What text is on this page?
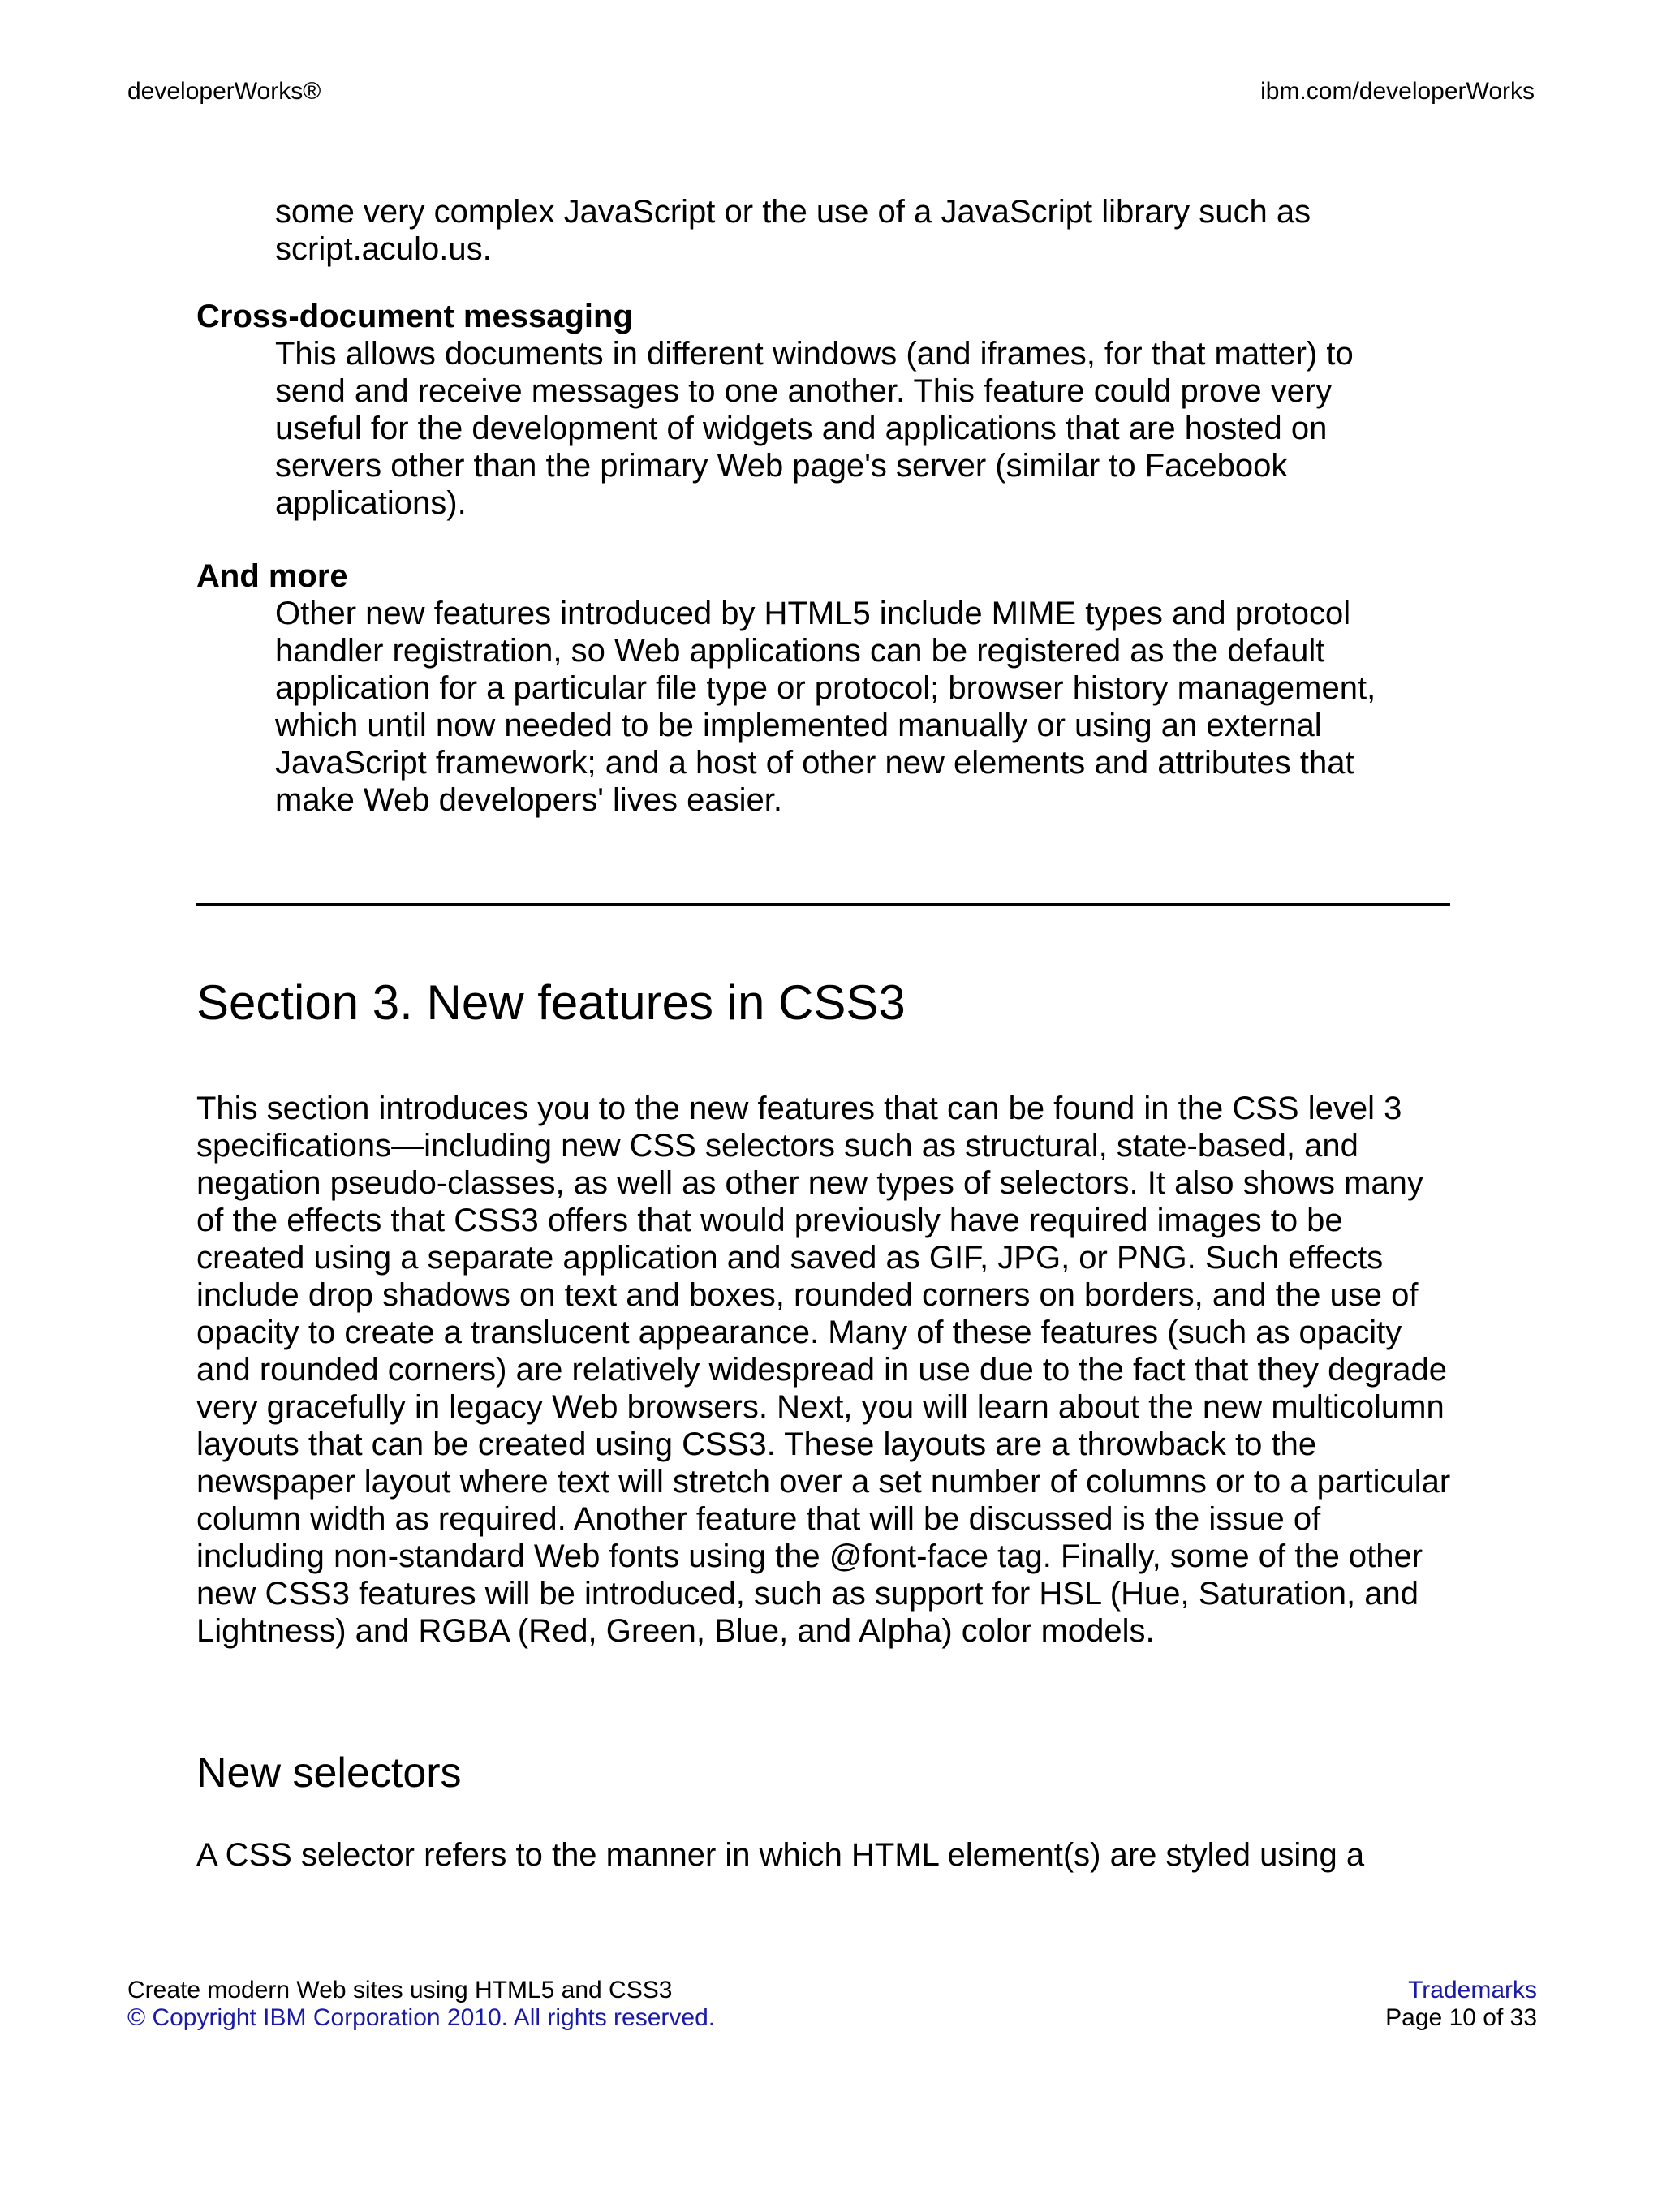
developerWorks®	ibm.com/developerWorks

some very complex JavaScript or the use of a JavaScript library such as script.aculo.us.

Cross-document messaging

This allows documents in different windows (and iframes, for that matter) to send and receive messages to one another. This feature could prove very useful for the development of widgets and applications that are hosted on servers other than the primary Web page's server (similar to Facebook applications).

And more

Other new features introduced by HTML5 include MIME types and protocol handler registration, so Web applications can be registered as the default application for a particular file type or protocol; browser history management, which until now needed to be implemented manually or using an external JavaScript framework; and a host of other new elements and attributes that make Web developers' lives easier.

Section 3. New features in CSS3

This section introduces you to the new features that can be found in the CSS level 3 specifications—including new CSS selectors such as structural, state-based, and negation pseudo-classes, as well as other new types of selectors. It also shows many of the effects that CSS3 offers that would previously have required images to be created using a separate application and saved as GIF, JPG, or PNG. Such effects include drop shadows on text and boxes, rounded corners on borders, and the use of opacity to create a translucent appearance. Many of these features (such as opacity and rounded corners) are relatively widespread in use due to the fact that they degrade very gracefully in legacy Web browsers. Next, you will learn about the new multicolumn layouts that can be created using CSS3. These layouts are a throwback to the newspaper layout where text will stretch over a set number of columns or to a particular column width as required. Another feature that will be discussed is the issue of including non-standard Web fonts using the @font-face tag. Finally, some of the other new CSS3 features will be introduced, such as support for HSL (Hue, Saturation, and Lightness) and RGBA (Red, Green, Blue, and Alpha) color models.

New selectors

A CSS selector refers to the manner in which HTML element(s) are styled using a

Create modern Web sites using HTML5 and CSS3
© Copyright IBM Corporation 2010. All rights reserved.
Trademarks
Page 10 of 33
